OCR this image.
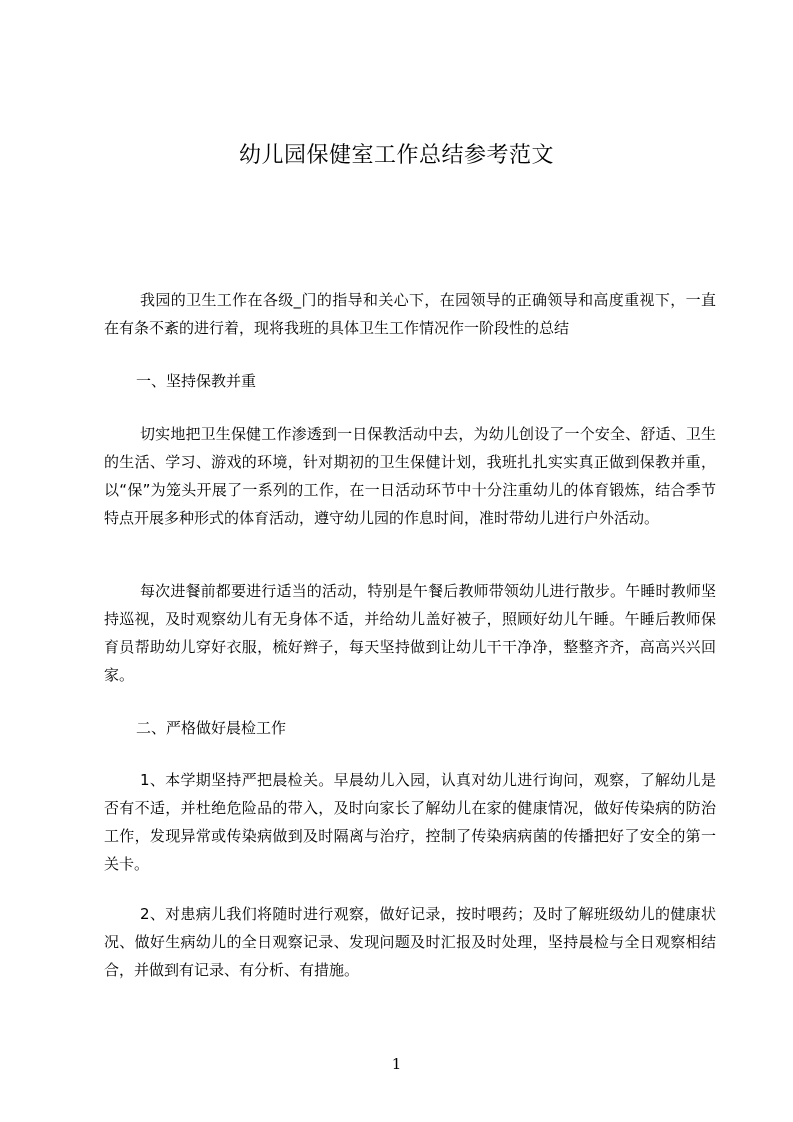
幼儿园保健室工作总结参考范文

我园的卫生工作在各级_门的指导和关心下，在园领导的正确领导和高度重视下，一直在有条不紊的进行着，现将我班的具体卫生工作情况作一阶段性的总结

一、坚持保教并重

切实地把卫生保健工作渗透到一日保教活动中去，为幼儿创设了一个安全、舒适、卫生的生活、学习、游戏的环境，针对期初的卫生保健计划，我班扎扎实实真正做到保教并重，以“保”为笼头开展了一系列的工作，在一日活动环节中十分注重幼儿的体育锻炼，结合季节特点开展多种形式的体育活动，遵守幼儿园的作息时间，准时带幼儿进行户外活动。

每次进餐前都要进行适当的活动，特别是午餐后教师带领幼儿进行散步。午睡时教师坚持巡视，及时观察幼儿有无身体不适，并给幼儿盖好被子，照顾好幼儿午睡。午睡后教师保育员帮助幼儿穿好衣服，梳好辫子，每天坚持做到让幼儿干干净净，整整齐齐，高高兴兴回家。

二、严格做好晨检工作

1、本学期坚持严把晨检关。早晨幼儿入园，认真对幼儿进行询问，观察，了解幼儿是否有不适，并杜绝危险品的带入，及时向家长了解幼儿在家的健康情况，做好传染病的防治工作，发现异常或传染病做到及时隔离与治疗，控制了传染病病菌的传播把好了安全的第一关卡。

2、对患病儿我们将随时进行观察，做好记录，按时喂药；及时了解班级幼儿的健康状况、做好生病幼儿的全日观察记录、发现问题及时汇报及时处理，坚持晨检与全日观察相结合，并做到有记录、有分析、有措施。

1
